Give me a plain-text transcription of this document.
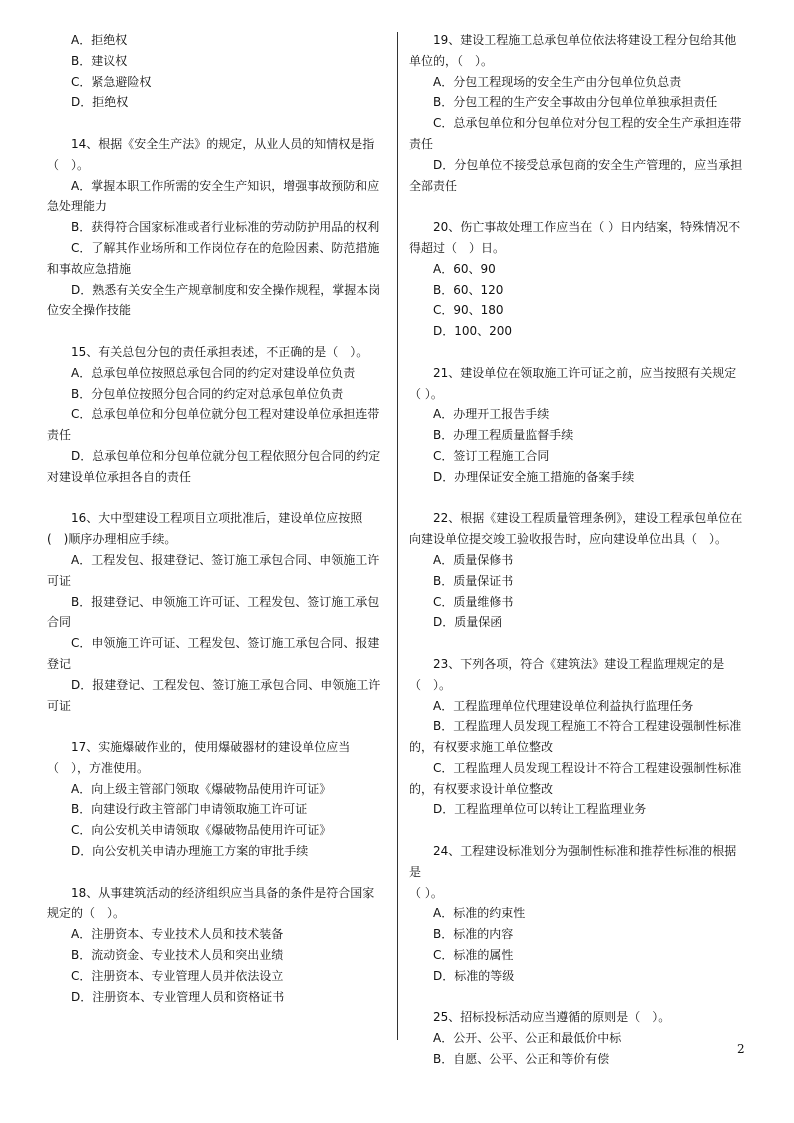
A．拒绝权
B．建议权
C．紧急避险权
D．拒绝权
14、根据《安全生产法》的规定，从业人员的知情权是指
（　）。
A．掌握本职工作所需的安全生产知识，增强事故预防和应急处理能力
B．获得符合国家标准或者行业标准的劳动防护用品的权利
C．了解其作业场所和工作岗位存在的危险因素、防范措施和事故应急措施
D．熟悉有关安全生产规章制度和安全操作规程，掌握本岗位安全操作技能
15、有关总包分包的责任承担表述，不正确的是（　）。
A．总承包单位按照总承包合同的约定对建设单位负责
B．分包单位按照分包合同的约定对总承包单位负责
C．总承包单位和分包单位就分包工程对建设单位承担连带责任
D．总承包单位和分包单位就分包工程依照分包合同的约定对建设单位承担各自的责任
16、大中型建设工程项目立项批准后，建设单位应按照(　)顺序办理相应手续。
A．工程发包、报建登记、签订施工承包合同、申领施工许可证
B．报建登记、申领施工许可证、工程发包、签订施工承包合同
C．申领施工许可证、工程发包、签订施工承包合同、报建登记
D．报建登记、工程发包、签订施工承包合同、申领施工许可证
17、实施爆破作业的，使用爆破器材的建设单位应当
（　），方准使用。
A．向上级主管部门领取《爆破物品使用许可证》
B．向建设行政主管部门申请领取施工许可证
C．向公安机关申请领取《爆破物品使用许可证》
D．向公安机关申请办理施工方案的审批手续
18、从事建筑活动的经济组织应当具备的条件是符合国家规定的（　）。
A．注册资本、专业技术人员和技术装备
B．流动资金、专业技术人员和突出业绩
C．注册资本、专业管理人员并依法设立
D．注册资本、专业管理人员和资格证书
19、建设工程施工总承包单位依法将建设工程分包给其他单位的，（　）。
A．分包工程现场的安全生产由分包单位负总责
B．分包工程的生产安全事故由分包单位单独承担责任
C．总承包单位和分包单位对分包工程的安全生产承担连带责任
D．分包单位不接受总承包商的安全生产管理的，应当承担全部责任
20、伤亡事故处理工作应当在（ ）日内结案，特殊情况不得超过（　）日。
A．60、90
B．60、120
C．90、180
D．100、200
21、建设单位在领取施工许可证之前，应当按照有关规定
（ ）。
A．办理开工报告手续
B．办理工程质量监督手续
C．签订工程施工合同
D．办理保证安全施工措施的备案手续
22、根据《建设工程质量管理条例》，建设工程承包单位在向建设单位提交竣工验收报告时，应向建设单位出具（　）。
A．质量保修书
B．质量保证书
C．质量维修书
D．质量保函
23、下列各项，符合《建筑法》建设工程监理规定的是
（　）。
A．工程监理单位代理建设单位利益执行监理任务
B．工程监理人员发现工程施工不符合工程建设强制性标准的，有权要求施工单位整改
C．工程监理人员发现工程设计不符合工程建设强制性标准的，有权要求设计单位整改
D．工程监理单位可以转让工程监理业务
24、工程建设标准划分为强制性标准和推荐性标准的根据是
（ ）。
A．标准的约束性
B．标准的内容
C．标准的属性
D．标准的等级
25、招标投标活动应当遵循的原则是（　）。
A．公开、公平、公正和最低价中标
B．自愿、公平、公正和等价有偿
2
